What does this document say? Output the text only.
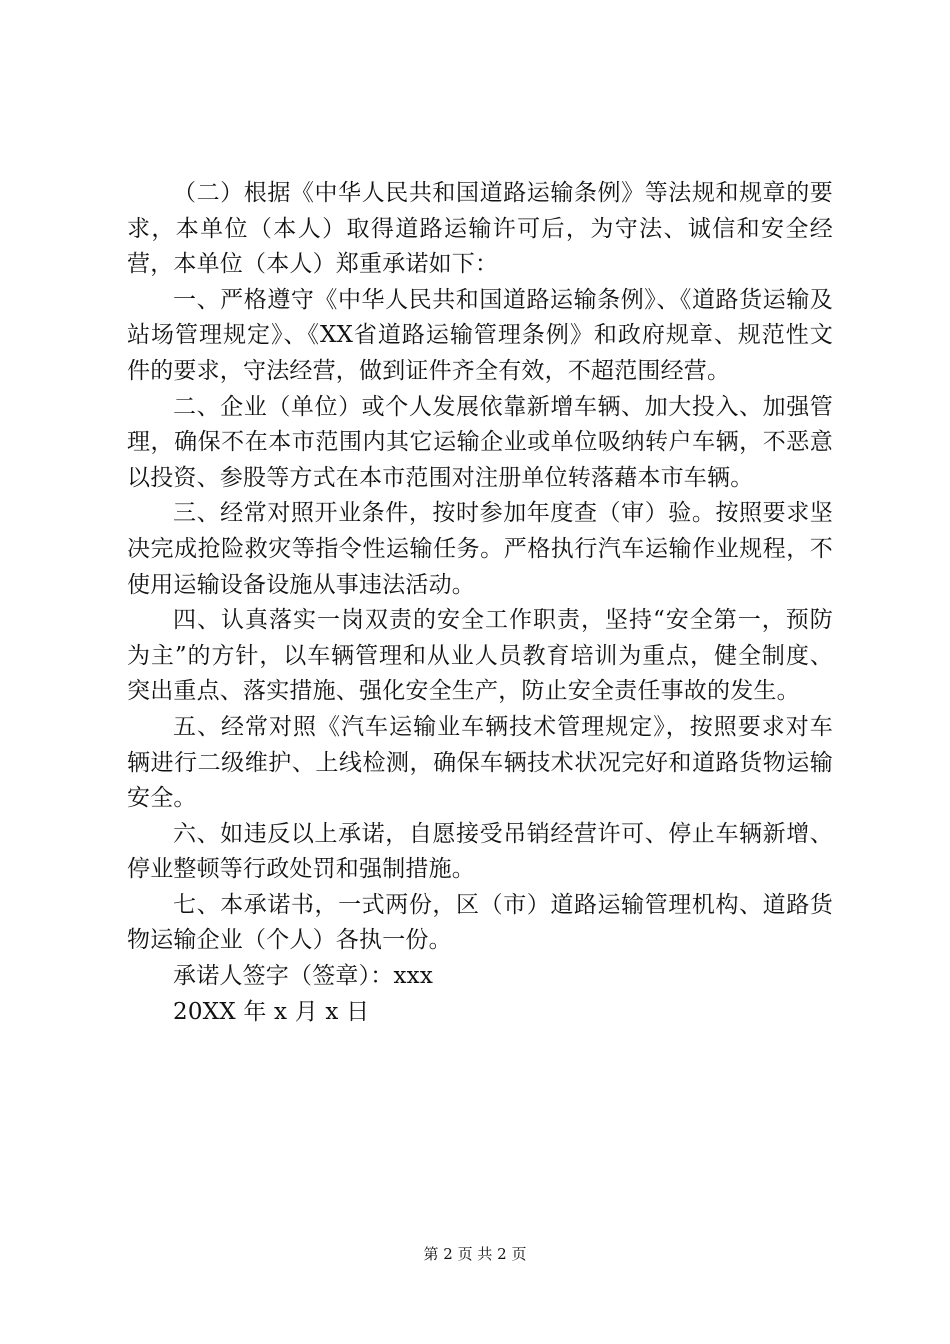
（二）根据《中华人民共和国道路运输条例》等法规和规章的要求，本单位（本人）取得道路运输许可后，为守法、诚信和安全经营，本单位（本人）郑重承诺如下：

一、严格遵守《中华人民共和国道路运输条例》、《道路货运输及站场管理规定》、《XX省道路运输管理条例》和政府规章、规范性文件的要求，守法经营，做到证件齐全有效，不超范围经营。

二、企业（单位）或个人发展依靠新增车辆、加大投入、加强管理，确保不在本市范围内其它运输企业或单位吸纳转户车辆，不恶意以投资、参股等方式在本市范围对注册单位转落藉本市车辆。

三、经常对照开业条件，按时参加年度查（审）验。按照要求坚决完成抢险救灾等指令性运输任务。严格执行汽车运输作业规程，不使用运输设备设施从事违法活动。

四、认真落实一岗双责的安全工作职责，坚持“安全第一，预防为主”的方针，以车辆管理和从业人员教育培训为重点，健全制度、突出重点、落实措施、强化安全生产，防止安全责任事故的发生。

五、经常对照《汽车运输业车辆技术管理规定》，按照要求对车辆进行二级维护、上线检测，确保车辆技术状况完好和道路货物运输安全。

六、如违反以上承诺，自愿接受吊销经营许可、停止车辆新增、停业整顿等行政处罚和强制措施。

七、本承诺书，一式两份，区（市）道路运输管理机构、道路货物运输企业（个人）各执一份。

承诺人签字（签章）：xxx

20XX 年 x 月 x 日

第 2 页 共 2 页
